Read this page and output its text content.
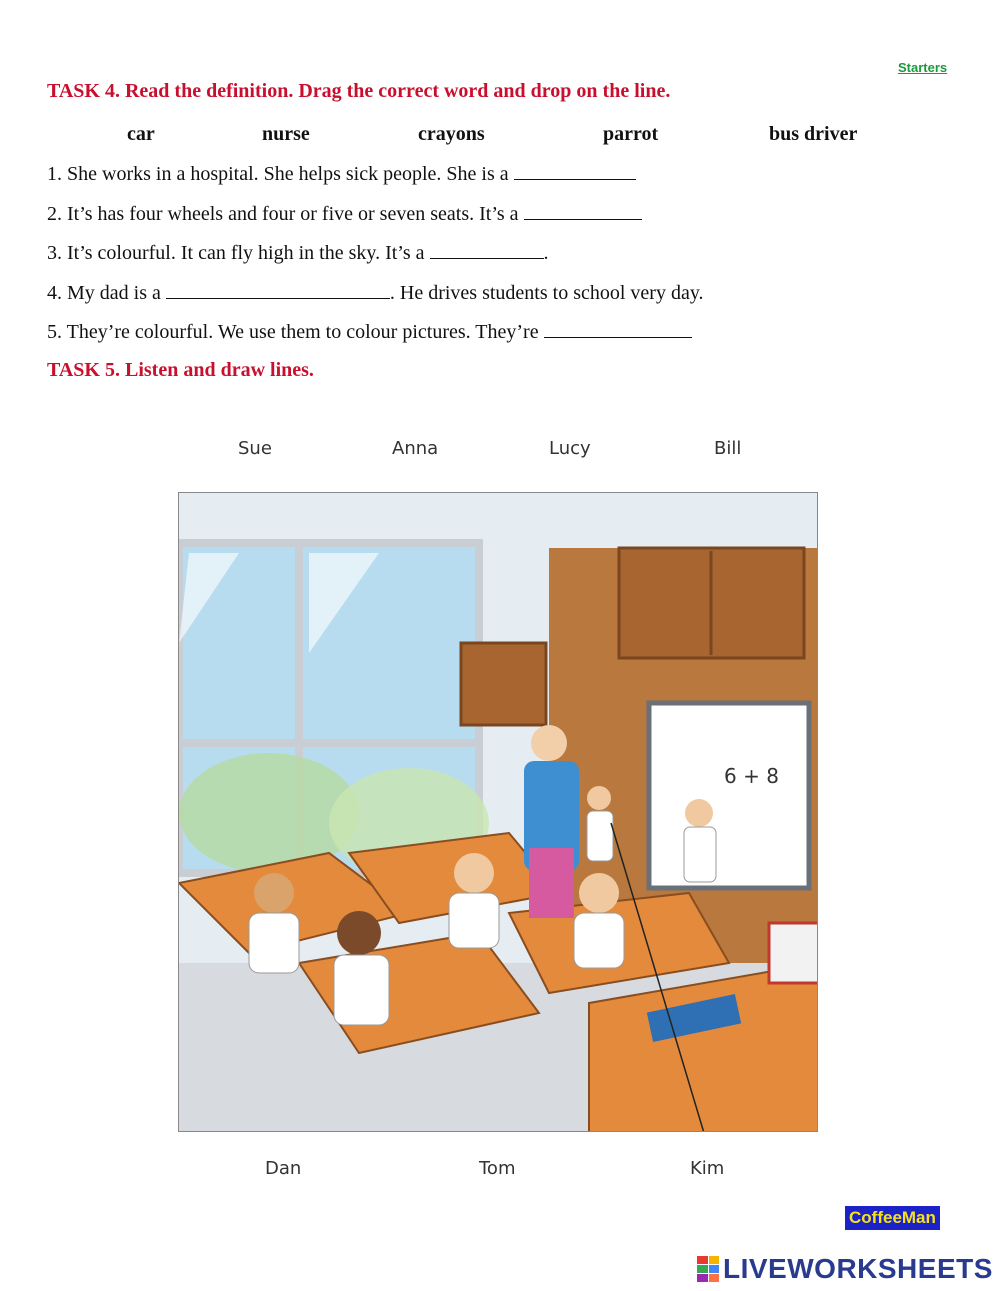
Starters
TASK 4. Read the definition. Drag the correct word and drop on the line.
car	nurse	crayons	parrot	bus driver
1. She works in a hospital. She helps sick people. She is a
2. It’s has four wheels and four or five or seven seats. It’s a
3. It’s colourful. It can fly high in the sky. It’s a	.
4. My dad is a	. He drives students to school very day.
5. They’re colourful. We use them to colour pictures. They’re
TASK 5. Listen and draw lines.
Sue	Anna	Lucy	Bill
6 + 8
Dan	Tom	Kim
CoffeeMan
LIVEWORKSHEETS
